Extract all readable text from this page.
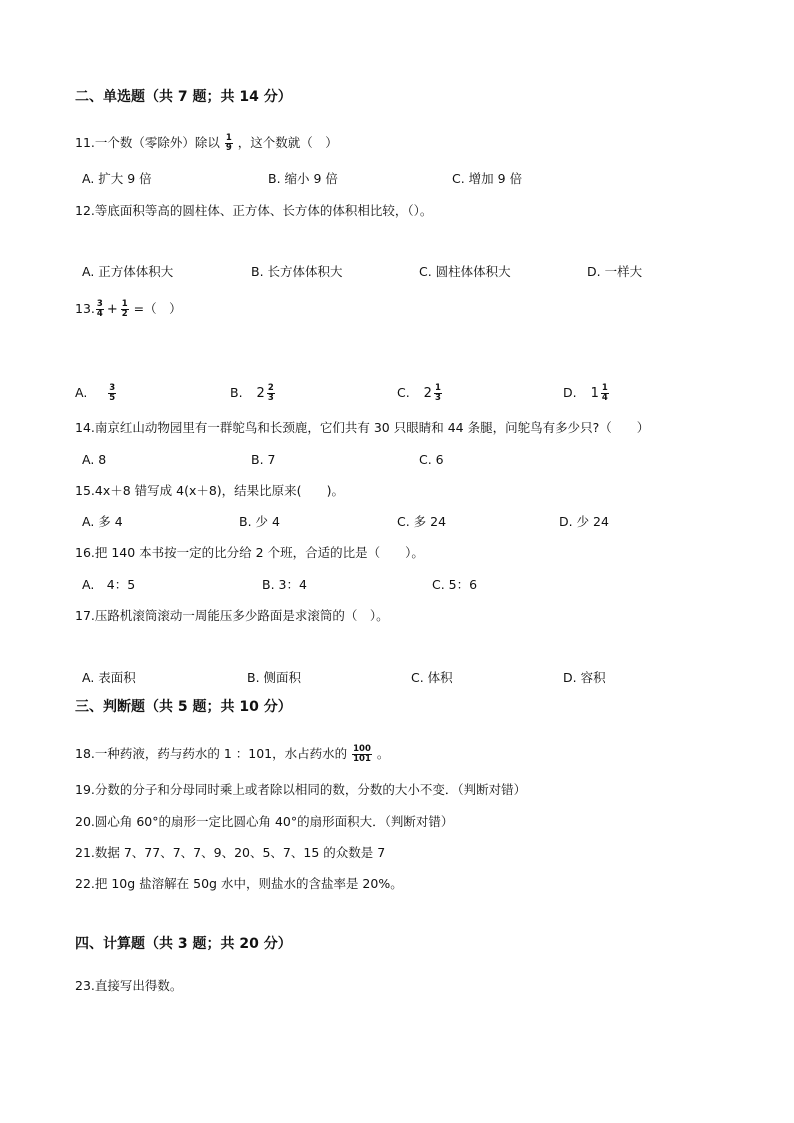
二、单选题（共 7 题；共 14 分）
11.一个数（零除外）除以 $\frac{1}{9}$ ，这个数就（　）
A. 扩大 9 倍	B. 缩小 9 倍	C. 增加 9 倍
12.等底面积等高的圆柱体、正方体、长方体的体积相比较，（）。
A. 正方体体积大	B. 长方体体积大	C. 圆柱体体积大	D. 一样大
13. $\frac{3}{4} + \frac{1}{2}$ =（　）
A. $\frac{3}{5}$	B. $2 \frac{2}{3}$	C. $2 \frac{1}{3}$	D. $1 \frac{1}{4}$
14.南京红山动物园里有一群鸵鸟和长颈鹿，它们共有 30 只眼睛和 44 条腿，问鸵鸟有多少只?（　　）
A. 8	B. 7	C. 6
15.4x＋8 错写成 4(x＋8)，结果比原来(　　)。
A. 多 4	B. 少 4	C. 多 24	D. 少 24
16.把 140 本书按一定的比分给 2 个班，合适的比是（　　）。
A.　4：5	B. 3：4	C. 5：6
17.压路机滚筒滚动一周能压多少路面是求滚筒的（　）。
A. 表面积	B. 侧面积	C. 体积	D. 容积
三、判断题（共 5 题；共 10 分）
18.一种药液，药与药水的 1 ：101，水占药水的 $\frac{100}{101}$ 。
19.分数的分子和分母同时乘上或者除以相同的数，分数的大小不变．（判断对错）
20.圆心角 60°的扇形一定比圆心角 40°的扇形面积大．（判断对错）
21.数据 7、77、7、7、9、20、5、7、15 的众数是 7
22.把 10g 盐溶解在 50g 水中，则盐水的含盐率是 20%。
四、计算题（共 3 题；共 20 分）
23.直接写出得数。
